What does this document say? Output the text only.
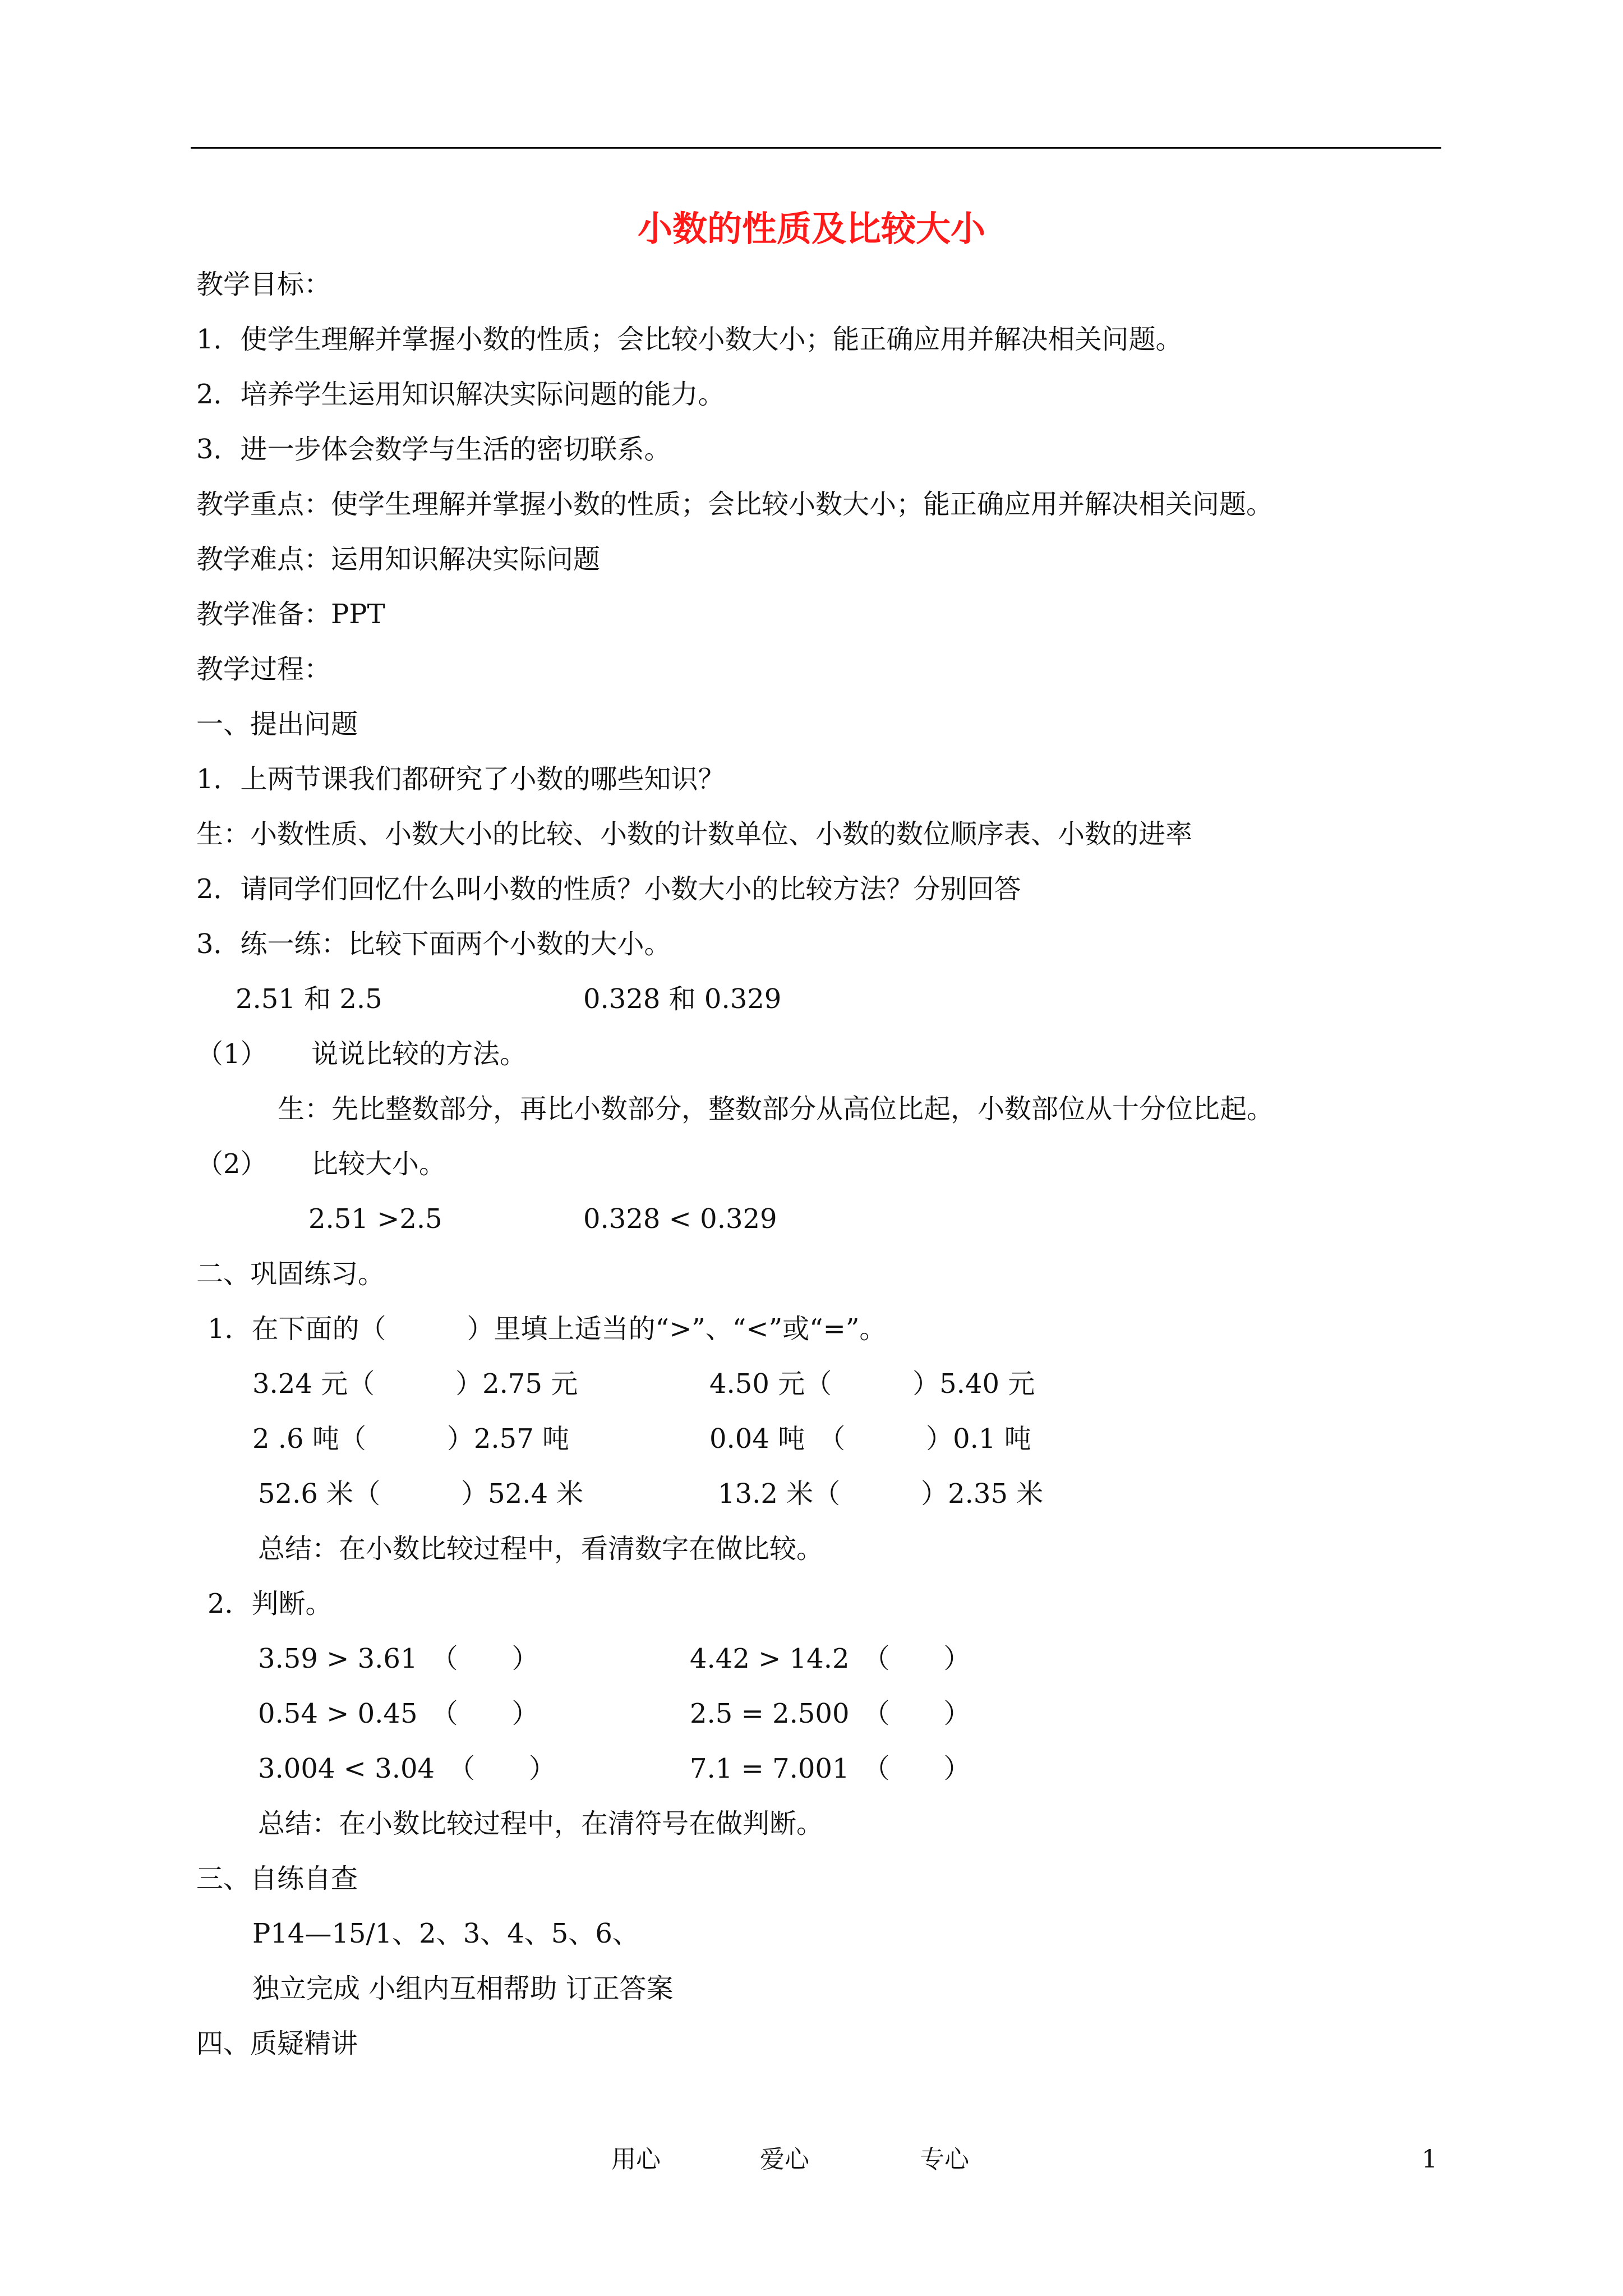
小数的性质及比较大小
教学目标：
1．使学生理解并掌握小数的性质；会比较小数大小；能正确应用并解决相关问题。
2．培养学生运用知识解决实际问题的能力。
3．进一步体会数学与生活的密切联系。
教学重点：使学生理解并掌握小数的性质；会比较小数大小；能正确应用并解决相关问题。
教学难点：运用知识解决实际问题
教学准备：PPT
教学过程：
一、提出问题
1．上两节课我们都研究了小数的哪些知识？
生：小数性质、小数大小的比较、小数的计数单位、小数的数位顺序表、小数的进率
2．请同学们回忆什么叫小数的性质？小数大小的比较方法？分别回答
3．练一练：比较下面两个小数的大小。
2.51 和 2.5	0.328 和 0.329
（1） 说说比较的方法。
生：先比整数部分，再比小数部分，整数部分从高位比起，小数部位从十分位比起。
（2） 比较大小。
2.51 >2.5	0.328 < 0.329
二、巩固练习。
1．在下面的（　　　）里填上适当的“>”、“<”或“=”。
3.24 元（　　　）2.75 元	4.50 元（　　　）5.40 元
2 .6 吨（　　　）2.57 吨	0.04 吨　（　　　）0.1 吨
52.6 米（　　　）52.4 米	13.2 米（　　　）2.35 米
总结：在小数比较过程中，看清数字在做比较。
2．判断。
3.59 > 3.61　（　　）	4.42 > 14.2　（　　）
0.54 > 0.45　（　　）	2.5 = 2.500　（　　）
3.004 < 3.04　（　　）	7.1 = 7.001　（　　）
总结：在小数比较过程中，在清符号在做判断。
三、自练自查
P14—15/1、2、3、4、5、6、
独立完成 小组内互相帮助 订正答案
四、质疑精讲
用心	爱心	专心	1
